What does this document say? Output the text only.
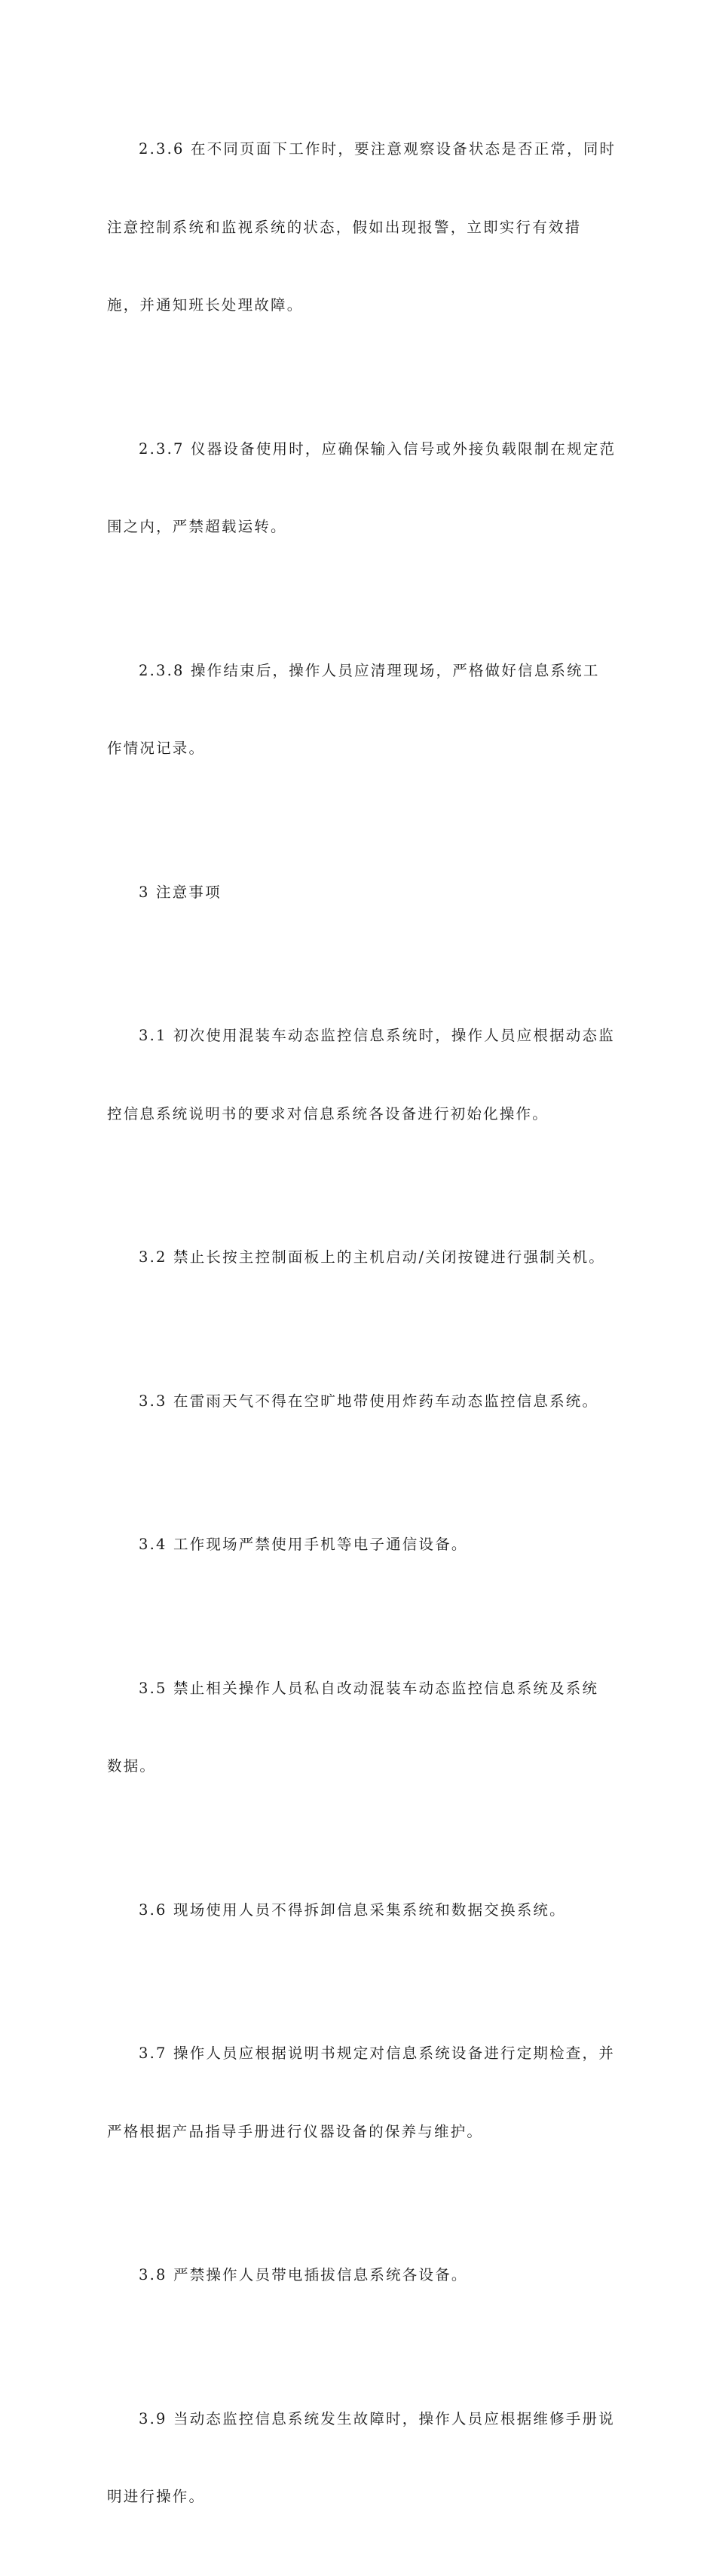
2.3.6 在不同页面下工作时，要注意观察设备状态是否正常，同时

注意控制系统和监视系统的状态，假如出现报警，立即实行有效措

施，并通知班长处理故障。

2.3.7 仪器设备使用时，应确保输入信号或外接负载限制在规定范

围之内，严禁超载运转。

2.3.8 操作结束后，操作人员应清理现场，严格做好信息系统工

作情况记录。

3 注意事项

3.1 初次使用混装车动态监控信息系统时，操作人员应根据动态监

控信息系统说明书的要求对信息系统各设备进行初始化操作。

3.2 禁止长按主控制面板上的主机启动/关闭按键进行强制关机。

3.3 在雷雨天气不得在空旷地带使用炸药车动态监控信息系统。

3.4 工作现场严禁使用手机等电子通信设备。

3.5 禁止相关操作人员私自改动混装车动态监控信息系统及系统

数据。

3.6 现场使用人员不得拆卸信息采集系统和数据交换系统。

3.7 操作人员应根据说明书规定对信息系统设备进行定期检查，并

严格根据产品指导手册进行仪器设备的保养与维护。

3.8 严禁操作人员带电插拔信息系统各设备。

3.9 当动态监控信息系统发生故障时，操作人员应根据维修手册说

明进行操作。
